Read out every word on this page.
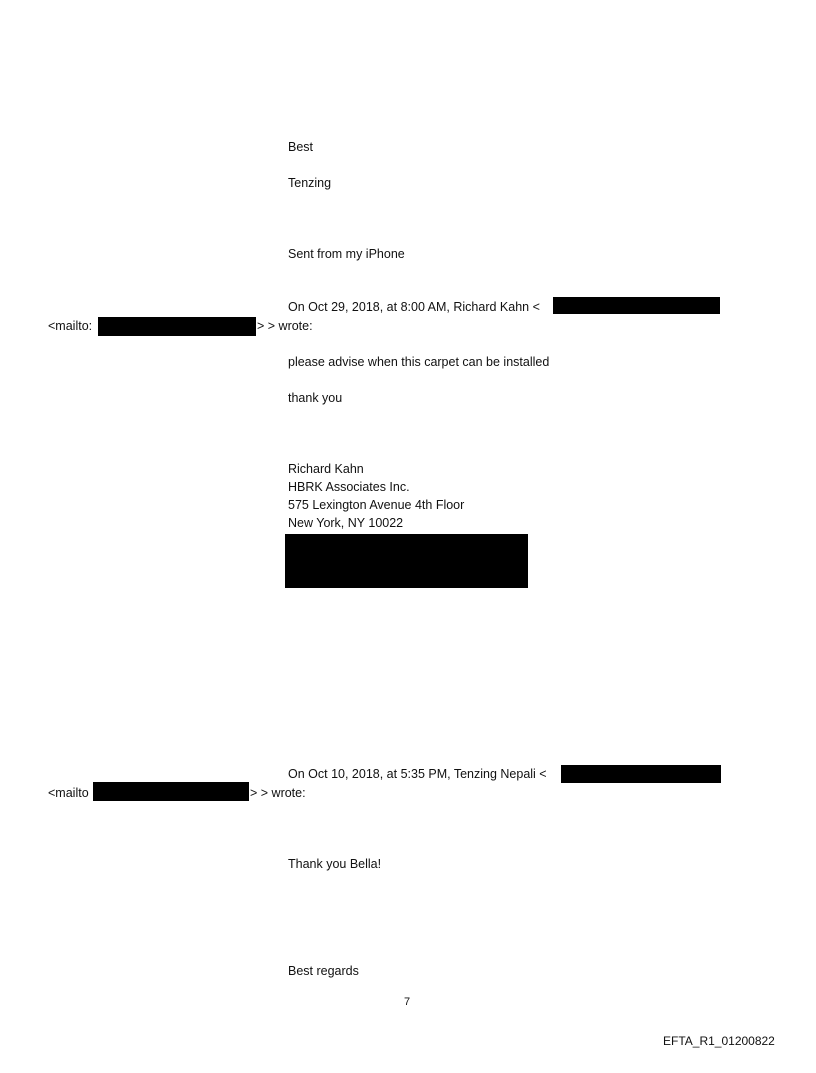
Best
Tenzing
Sent from my iPhone
On Oct 29, 2018, at 8:00 AM, Richard Kahn <
<mailto:	> > wrote:
please advise when this carpet can be installed
thank you
Richard Kahn
HBRK Associates Inc.
575 Lexington Avenue 4th Floor
New York, NY 10022
On Oct 10, 2018, at 5:35 PM, Tenzing Nepali <
<mailto	> > wrote:
Thank you Bella!
Best regards
7
EFTA_R1_01200822
